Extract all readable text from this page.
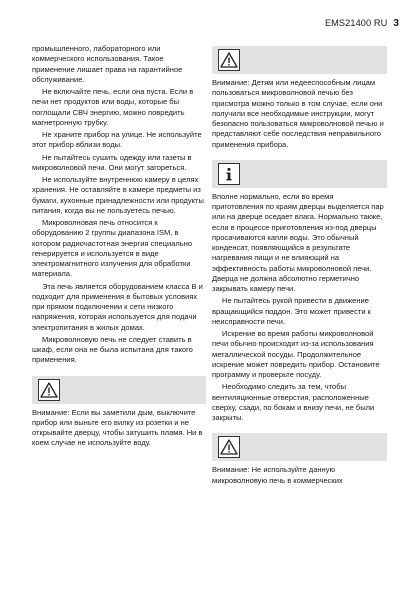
EMS21400 RU 3

промышленного, лабораторного или коммерческого использования. Такое применение лишает права на гарантийное обслуживание.

Не включайте печь, если она пуста. Если в печи нет продуктов или воды, которые бы поглощали СВЧ энергию, можно повредить магнетронную трубку.

Не храните прибор на улице. Не используйте этот прибор вблизи воды.

Не пытайтесь сушить одежду или газеты в микроволновой печи. Они могут загореться.

Не используйте внутреннюю камеру в целях хранения. Не оставляйте в камере предметы из бумаги, кухонные принадлежности или продукты питания, когда вы не пользуетесь печью.

Микроволновая печь относится к оборудованию 2 группы диапазона ISM, в котором радиочастотная энергия специально генерируется и используется в виде электромагнитного излучения для обработки материала.

Эта печь является оборудованием класса B и подходит для применения в бытовых условиях при прямом подключении к сети низкого напряжения, которая используется для подачи электропитания в жилых домах.

Микроволновую печь не следует ставить в шкаф, если она не была испытана для такого применения.

Внимание: Если вы заметили дым, выключите прибор или выньте его вилку из розетки и не открывайте дверцу, чтобы затушить пламя. Ни в коем случае не используйте воду.

Внимание: Детям или недееспособным лицам пользоваться микроволновой печью без присмотра можно только в том случае, если они получили все необходимые инструкции, могут безопасно пользоваться микроволновой печью и представляют себе последствия неправильного применения прибора.

Вполне нормально, если во время приготовления по краям дверцы выделяется пар или на дверце оседает влага. Нормально также, если в процессе приготовления из-под дверцы просачиваются капли воды. Это обычный конденсат, появляющийся в результате нагревания пищи и не влияющий на эффективность работы микроволновой печи. Дверца не должна абсолютно герметично закрывать камеру печи.

Не пытайтесь рукой привести в движение вращающийся поддон. Это может привести к неисправности печи.

Искрение во время работы микроволновой печи обычно происходит из-за использования металлической посуды. Продолжительное искрение может повредить прибор. Остановите программу и проверьте посуду.

Необходимо следить за тем, чтобы вентиляционные отверстия, расположенные сверху, сзади, по бокам и внизу печи, не были закрыты.

Внимание: Не используйте данную микроволновую печь в коммерческих
